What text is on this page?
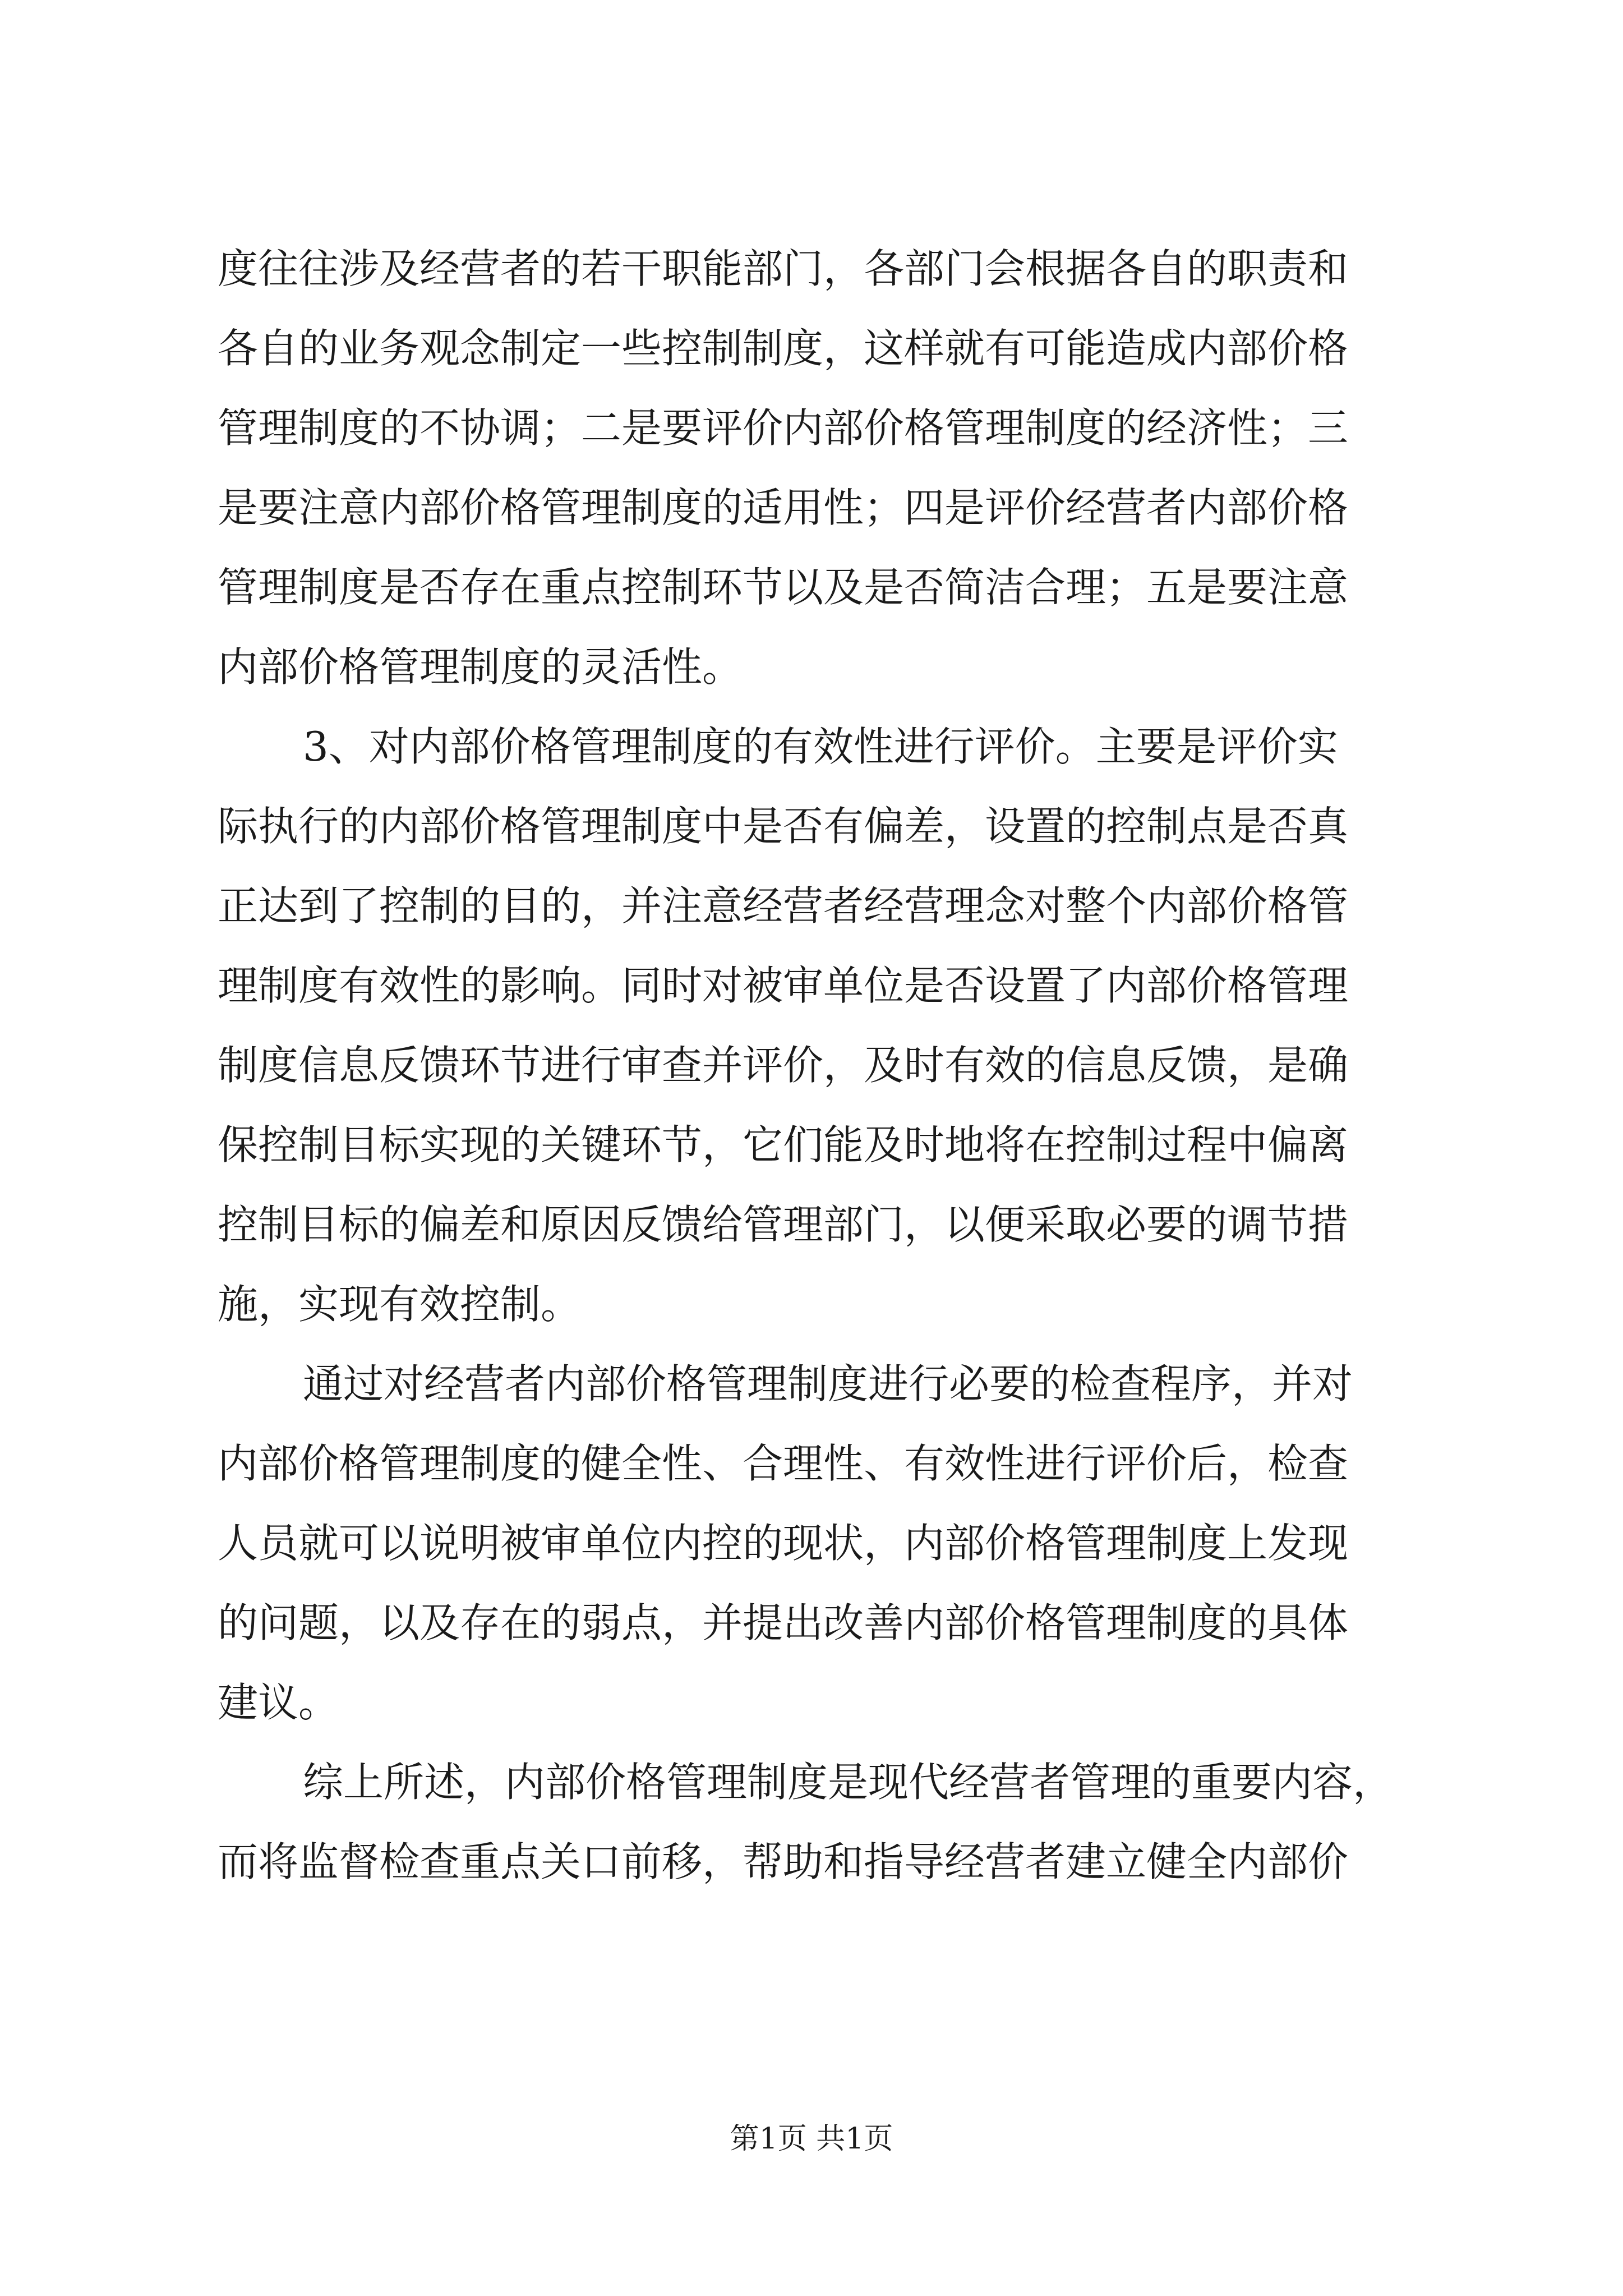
度往往涉及经营者的若干职能部门，各部门会根据各自的职责和
各自的业务观念制定一些控制制度，这样就有可能造成内部价格
管理制度的不协调；二是要评价内部价格管理制度的经济性；三
是要注意内部价格管理制度的适用性；四是评价经营者内部价格
管理制度是否存在重点控制环节以及是否简洁合理；五是要注意
内部价格管理制度的灵活性。
3、对内部价格管理制度的有效性进行评价。主要是评价实
际执行的内部价格管理制度中是否有偏差，设置的控制点是否真
正达到了控制的目的，并注意经营者经营理念对整个内部价格管
理制度有效性的影响。同时对被审单位是否设置了内部价格管理
制度信息反馈环节进行审查并评价，及时有效的信息反馈，是确
保控制目标实现的关键环节，它们能及时地将在控制过程中偏离
控制目标的偏差和原因反馈给管理部门，以便采取必要的调节措
施，实现有效控制。
通过对经营者内部价格管理制度进行必要的检查程序，并对
内部价格管理制度的健全性、合理性、有效性进行评价后，检查
人员就可以说明被审单位内控的现状，内部价格管理制度上发现
的问题，以及存在的弱点，并提出改善内部价格管理制度的具体
建议。
综上所述，内部价格管理制度是现代经营者管理的重要内容，
而将监督检查重点关口前移，帮助和指导经营者建立健全内部价
第1页 共1页
